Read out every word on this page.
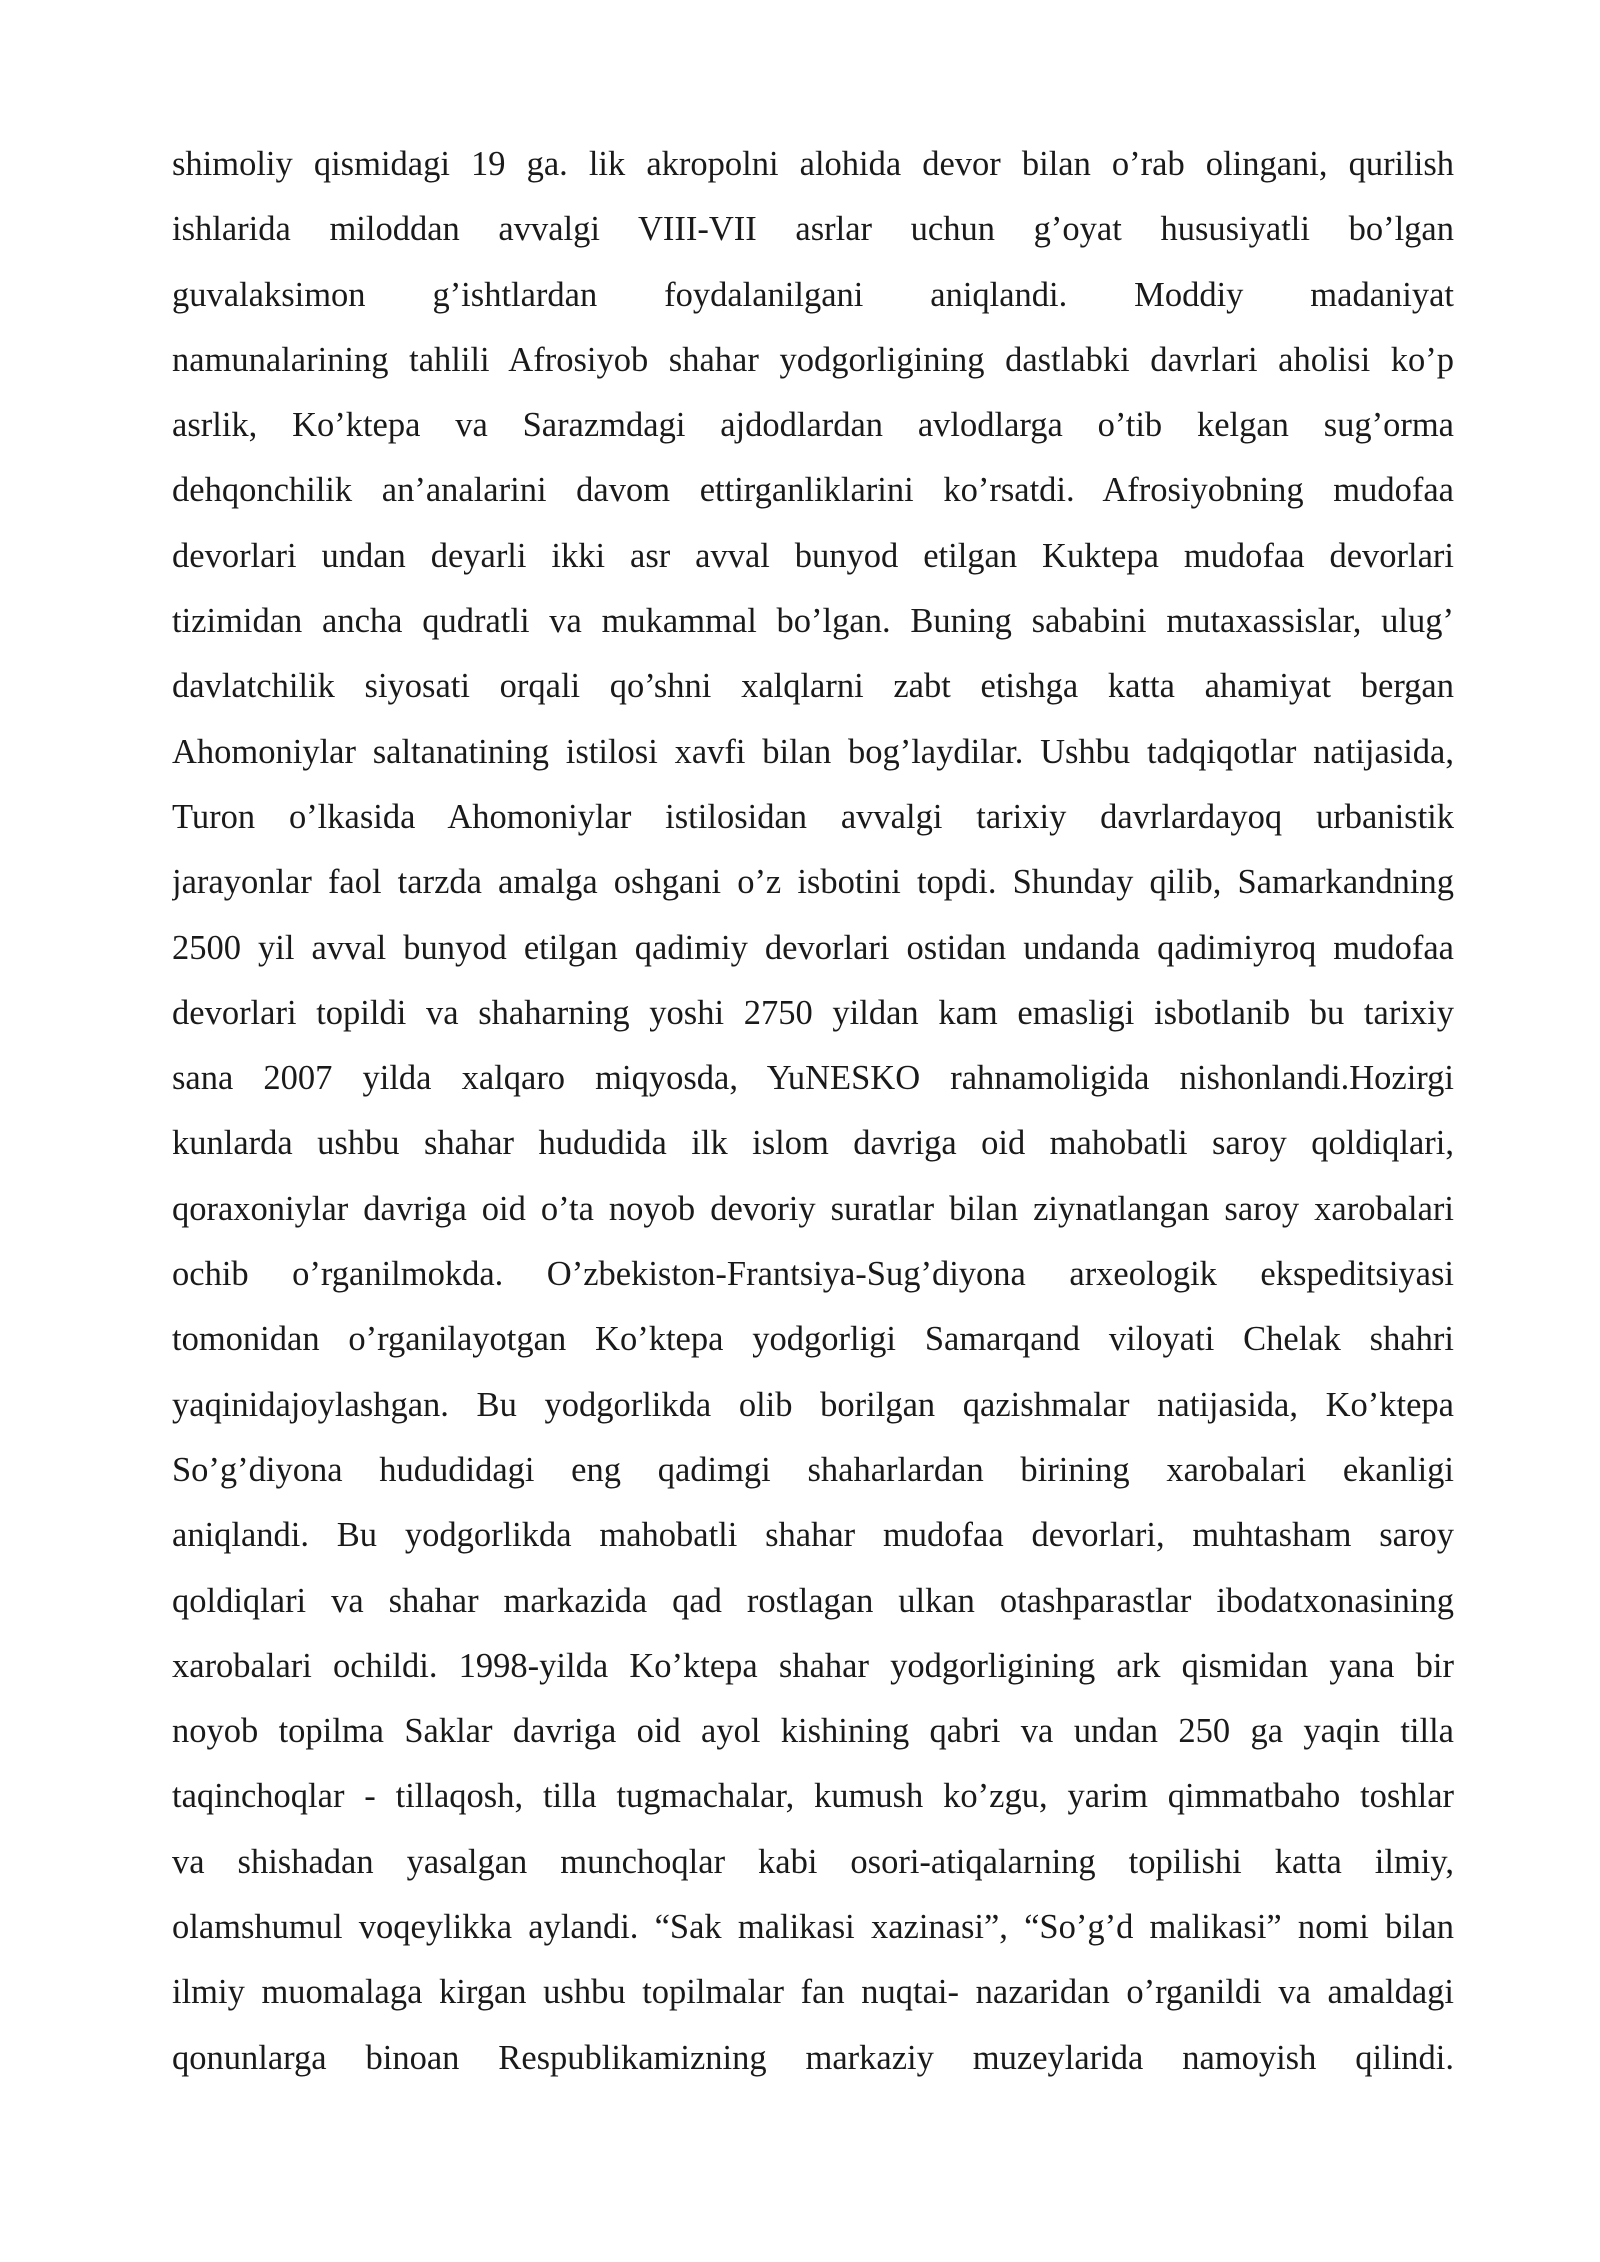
shimoliy qismidagi 19 ga. lik akropolni alohida devor bilan o’rab olingani, qurilish
ishlarida miloddan avvalgi VIII-VII asrlar uchun g’oyat hususiyatli bo’lgan
guvalaksimon g’ishtlardan foydalanilgani aniqlandi. Moddiy madaniyat
namunalarining tahlili Afrosiyob shahar yodgorligining dastlabki davrlari aholisi ko’p
asrlik, Ko’ktepa va Sarazmdagi ajdodlardan avlodlarga o’tib kelgan sug’orma
dehqonchilik an’analarini davom ettirganliklarini ko’rsatdi. Afrosiyobning mudofaa
devorlari undan deyarli ikki asr avval bunyod etilgan Kuktepa mudofaa devorlari
tizimidan ancha qudratli va mukammal bo’lgan. Buning sababini mutaxassislar, ulug’
davlatchilik siyosati orqali qo’shni xalqlarni zabt etishga katta ahamiyat bergan
Ahomoniylar saltanatining istilosi xavfi bilan bog’laydilar. Ushbu tadqiqotlar natijasida,
Turon o’lkasida Ahomoniylar istilosidan avvalgi tarixiy davrlardayoq urbanistik
jarayonlar faol tarzda amalga oshgani o’z isbotini topdi. Shunday qilib, Samarkandning
2500 yil avval bunyod etilgan qadimiy devorlari ostidan undanda qadimiyroq mudofaa
devorlari topildi va shaharning yoshi 2750 yildan kam emasligi isbotlanib bu tarixiy
sana 2007 yilda xalqaro miqyosda, YuNESKO rahnamoligida nishonlandi.Hozirgi
kunlarda ushbu shahar hududida ilk islom davriga oid mahobatli saroy qoldiqlari,
qoraxoniylar davriga oid o’ta noyob devoriy suratlar bilan ziynatlangan saroy xarobalari
ochib o’rganilmokda. O’zbekiston-Frantsiya-Sug’diyona arxeologik ekspeditsiyasi
tomonidan o’rganilayotgan Ko’ktepa yodgorligi Samarqand viloyati Chelak shahri
yaqinidajoylashgan. Bu yodgorlikda olib borilgan qazishmalar natijasida, Ko’ktepa
So’g’diyona hududidagi eng qadimgi shaharlardan birining xarobalari ekanligi
aniqlandi. Bu yodgorlikda mahobatli shahar mudofaa devorlari, muhtasham saroy
qoldiqlari va shahar markazida qad rostlagan ulkan otashparastlar ibodatxonasining
xarobalari ochildi. 1998-yilda Ko’ktepa shahar yodgorligining ark qismidan yana bir
noyob topilma Saklar davriga oid ayol kishining qabri va undan 250 ga yaqin tilla
taqinchoqlar - tillaqosh, tilla tugmachalar, kumush ko’zgu, yarim qimmatbaho toshlar
va shishadan yasalgan munchoqlar kabi osori-atiqalarning topilishi katta ilmiy,
olamshumul voqeylikka aylandi. “Sak malikasi xazinasi”, “So’g’d malikasi” nomi bilan
ilmiy muomalaga kirgan ushbu topilmalar fan nuqtai- nazaridan o’rganildi va amaldagi
qonunlarga binoan Respublikamizning markaziy muzeylarida namoyish qilindi.
